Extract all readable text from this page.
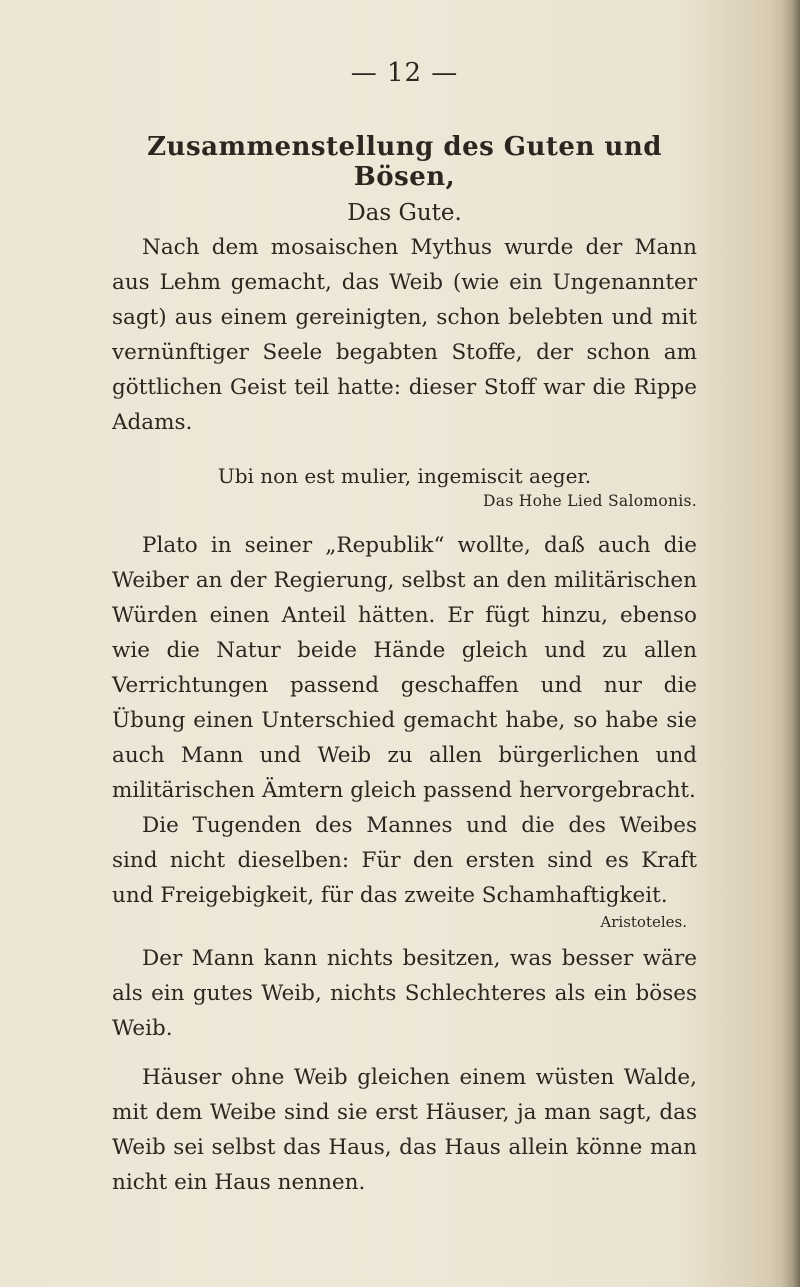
— 12 —
Zusammenstellung des Guten und Bösen,
Das Gute.

Nach dem mosaischen Mythus wurde der Mann aus Lehm gemacht, das Weib (wie ein Ungenannter sagt) aus einem gereinigten, schon belebten und mit vernünftiger Seele begabten Stoffe, der schon am göttlichen Geist teil hatte: dieser Stoff war die Rippe Adams.

Ubi non est mulier, ingemiscit aeger.
Das Hohe Lied Salomonis.

Plato in seiner „Republik“ wollte, daß auch die Weiber an der Regierung, selbst an den militärischen Würden einen Anteil hätten. Er fügt hinzu, ebenso wie die Natur beide Hände gleich und zu allen Verrichtungen passend geschaffen und nur die Übung einen Unterschied gemacht habe, so habe sie auch Mann und Weib zu allen bürgerlichen und militärischen Ämtern gleich passend hervorgebracht.

Die Tugenden des Mannes und die des Weibes sind nicht dieselben: Für den ersten sind es Kraft und Freigebigkeit, für das zweite Schamhaftigkeit.

Aristoteles.

Der Mann kann nichts besitzen, was besser wäre als ein gutes Weib, nichts Schlechteres als ein böses Weib.

Häuser ohne Weib gleichen einem wüsten Walde, mit dem Weibe sind sie erst Häuser, ja man sagt, das Weib sei selbst das Haus, das Haus allein könne man nicht ein Haus nennen.
